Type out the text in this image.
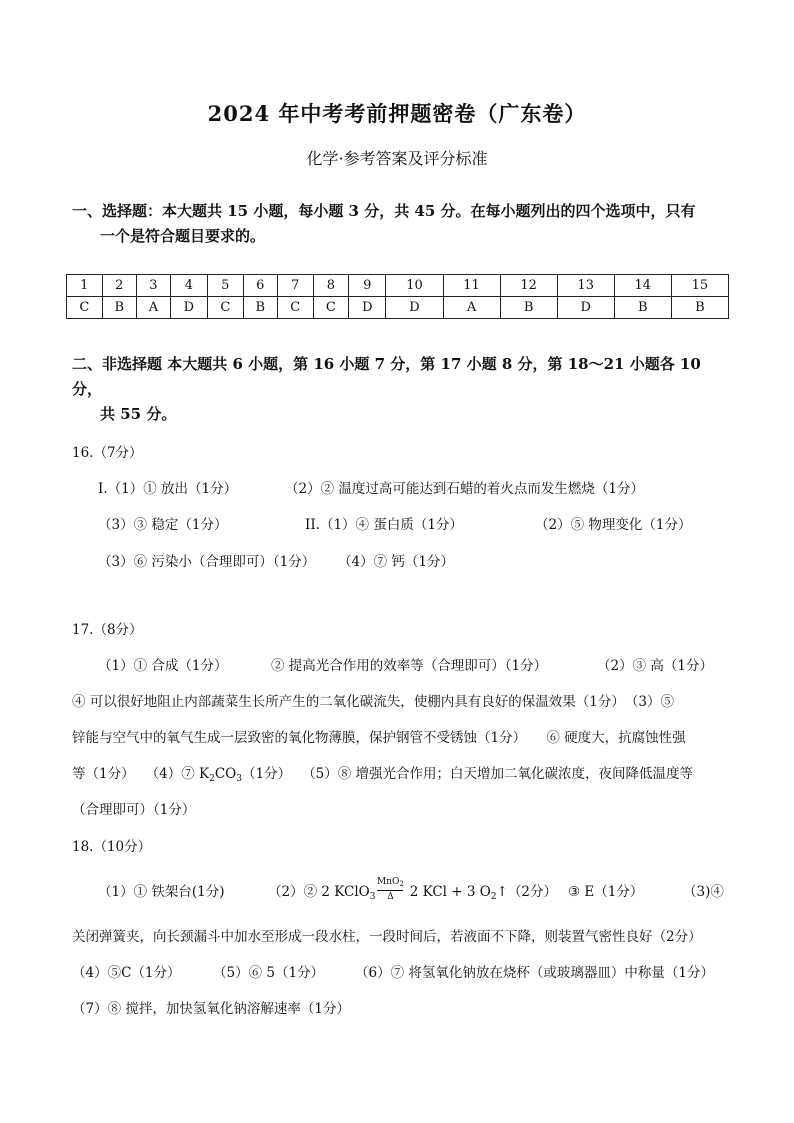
2024 年中考考前押题密卷（广东卷）
化学·参考答案及评分标准
一、选择题：本大题共 15 小题，每小题 3 分，共 45 分。在每小题列出的四个选项中，只有
一个是符合题目要求的。
1	2	3	4	5	6	7	8	9	10	11	12	13	14	15
C	B	A	D	C	B	C	C	D	D	A	B	D	B	B
二、非选择题 本大题共 6 小题，第 16 小题 7 分，第 17 小题 8 分，第 18～21 小题各 10 分，
共 55 分。
16.（7分）
I.（1）① 放出（1分）	（2）② 温度过高可能达到石蜡的着火点而发生燃烧（1分）
（3）③ 稳定（1分）	II.（1）④ 蛋白质（1分）	（2）⑤ 物理变化（1分）
（3）⑥ 污染小（合理即可）（1分） （4）⑦ 钙（1分）
17.（8分）
（1）① 合成（1分）	② 提高光合作用的效率等（合理即可）（1分）	（2）③ 高（1分）
④ 可以很好地阻止内部蔬菜生长所产生的二氧化碳流失，使棚内具有良好的保温效果（1分）　（3）⑤
锌能与空气中的氧气生成一层致密的氧化物薄膜，保护钢管不受锈蚀（1分）　　⑥ 硬度大，抗腐蚀性强
等（1分）　 （4）⑦ $K_2CO_3(1$分）　 （5）⑧ 增强光合作用；白天增加二氧化碳浓度，夜间降低温度等
（合理即可）（1分）
18.（10分）
（1）① 铁架台(1分)	（2）② 2 KClO$_3$ $\frac{MnO_2}{\Delta} 2$ KCl + 3 $O_2↑(2$分） ③ E（1分）	（3)④
关闭弹簧夹，向长颈漏斗中加水至形成一段水柱，一段时间后，若液面不下降，则装置气密性良好（2分）
（4）⑤C（1分） （5）⑥ 5（1分） （6）⑦ 将氢氧化钠放在烧杯（或玻璃器皿）中称量（1分）
（7）⑧ 搅拌，加快氢氧化钠溶解速率（1分）
